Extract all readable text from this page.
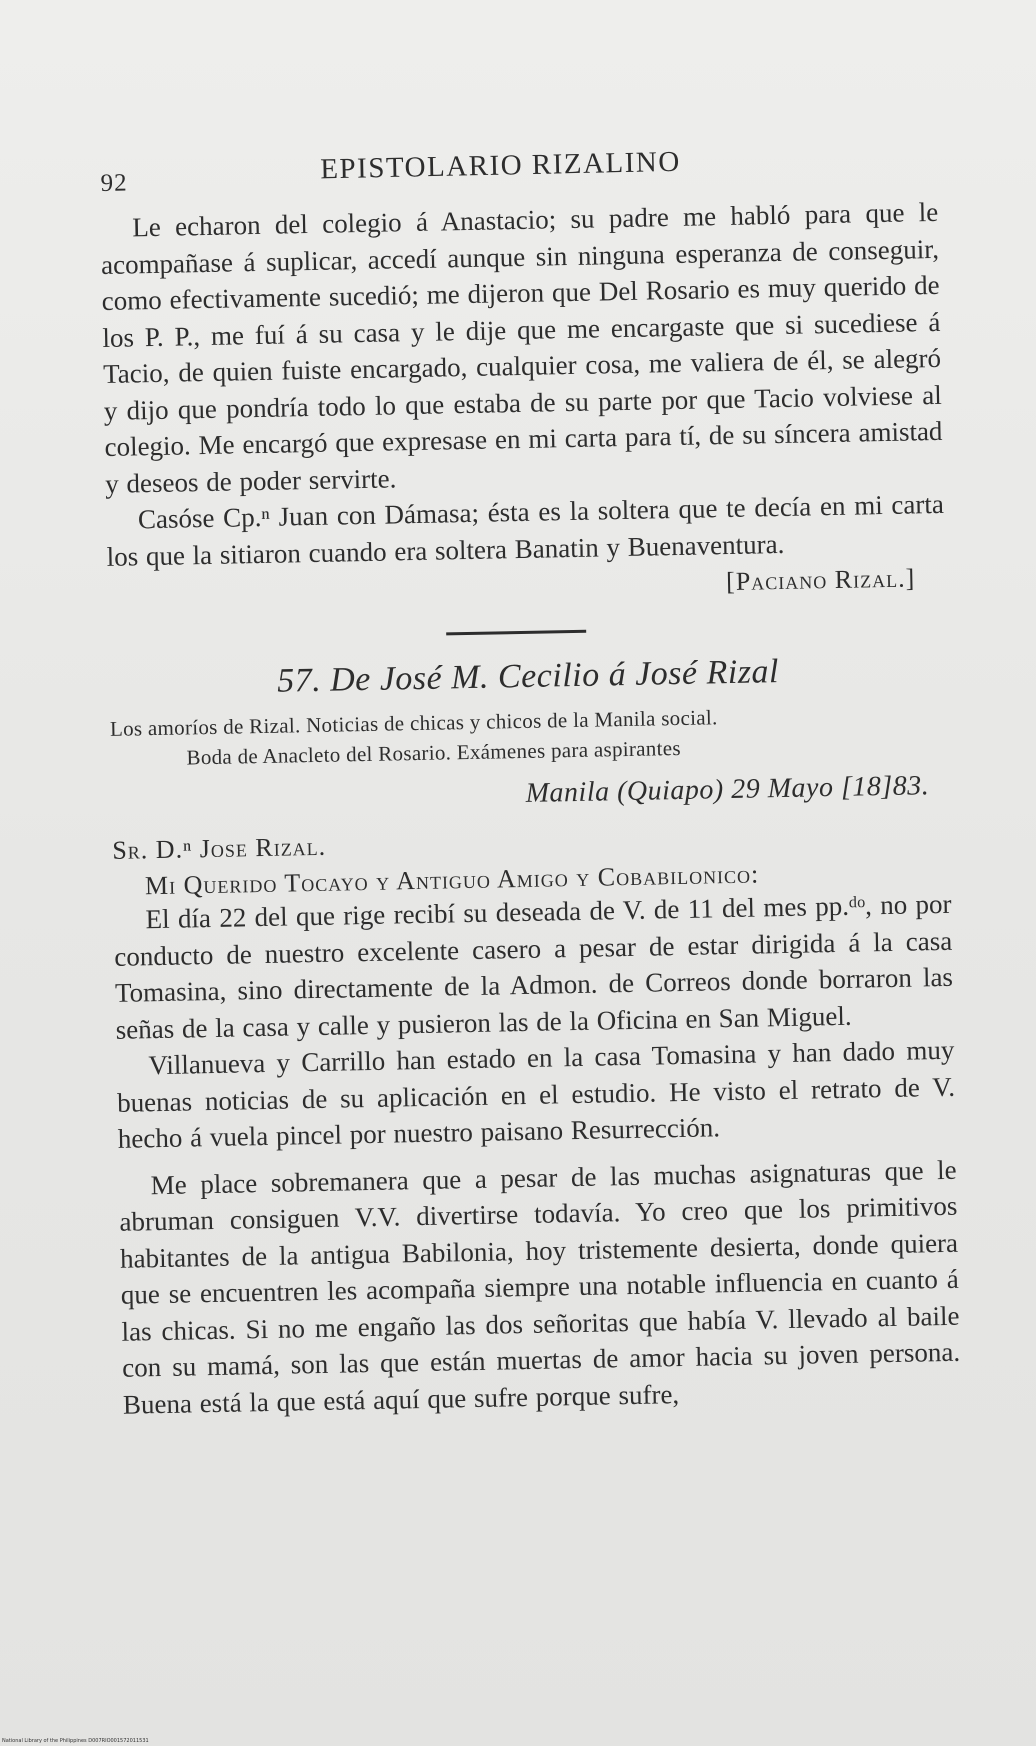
92	EPISTOLARIO RIZALINO

Le echaron del colegio á Anastacio; su padre me habló para que le acompañase á suplicar, accedí aunque sin ninguna esperanza de conseguir, como efectivamente sucedió; me dijeron que Del Rosario es muy querido de los P. P., me fuí á su casa y le dije que me encargaste que si sucediese á Tacio, de quien fuiste encargado, cualquier cosa, me valiera de él, se alegró y dijo que pondría todo lo que estaba de su parte por que Tacio volviese al colegio. Me encargó que expresase en mi carta para tí, de su síncera amistad y deseos de poder servirte.

Casóse Cp.ⁿ Juan con Dámasa; ésta es la soltera que te decía en mi carta los que la sitiaron cuando era soltera Banatin y Buenaventura.

[Paciano Rizal.]

57. De José M. Cecilio á José Rizal

Los amoríos de Rizal. Noticias de chicas y chicos de la Manila social.
Boda de Anacleto del Rosario. Exámenes para aspirantes

Manila (Quiapo) 29 Mayo [18]83.

Sr. D.ⁿ Jose Rizal.

Mi Querido Tocayo y Antiguo Amigo y Cobabilonico:

El día 22 del que rige recibí su deseada de V. de 11 del mes pp.ᵈᵒ, no por conducto de nuestro excelente casero a pesar de estar dirigida á la casa Tomasina, sino directamente de la Admon. de Correos donde borraron las señas de la casa y calle y pusieron las de la Oficina en San Miguel.

Villanueva y Carrillo han estado en la casa Tomasina y han dado muy buenas noticias de su aplicación en el estudio. He visto el retrato de V. hecho á vuela pincel por nuestro paisano Resurrección.

Me place sobremanera que a pesar de las muchas asignaturas que le abruman consiguen V.V. divertirse todavía. Yo creo que los primitivos habitantes de la antigua Babilonia, hoy tristemente desierta, donde quiera que se encuentren les acompaña siempre una notable influencia en cuanto á las chicas. Si no me engaño las dos señoritas que había V. llevado al baile con su mamá, son las que están muertas de amor hacia su joven persona. Buena está la que está aquí que sufre porque sufre,

National Library of the Philippines D007RIO001572011531
